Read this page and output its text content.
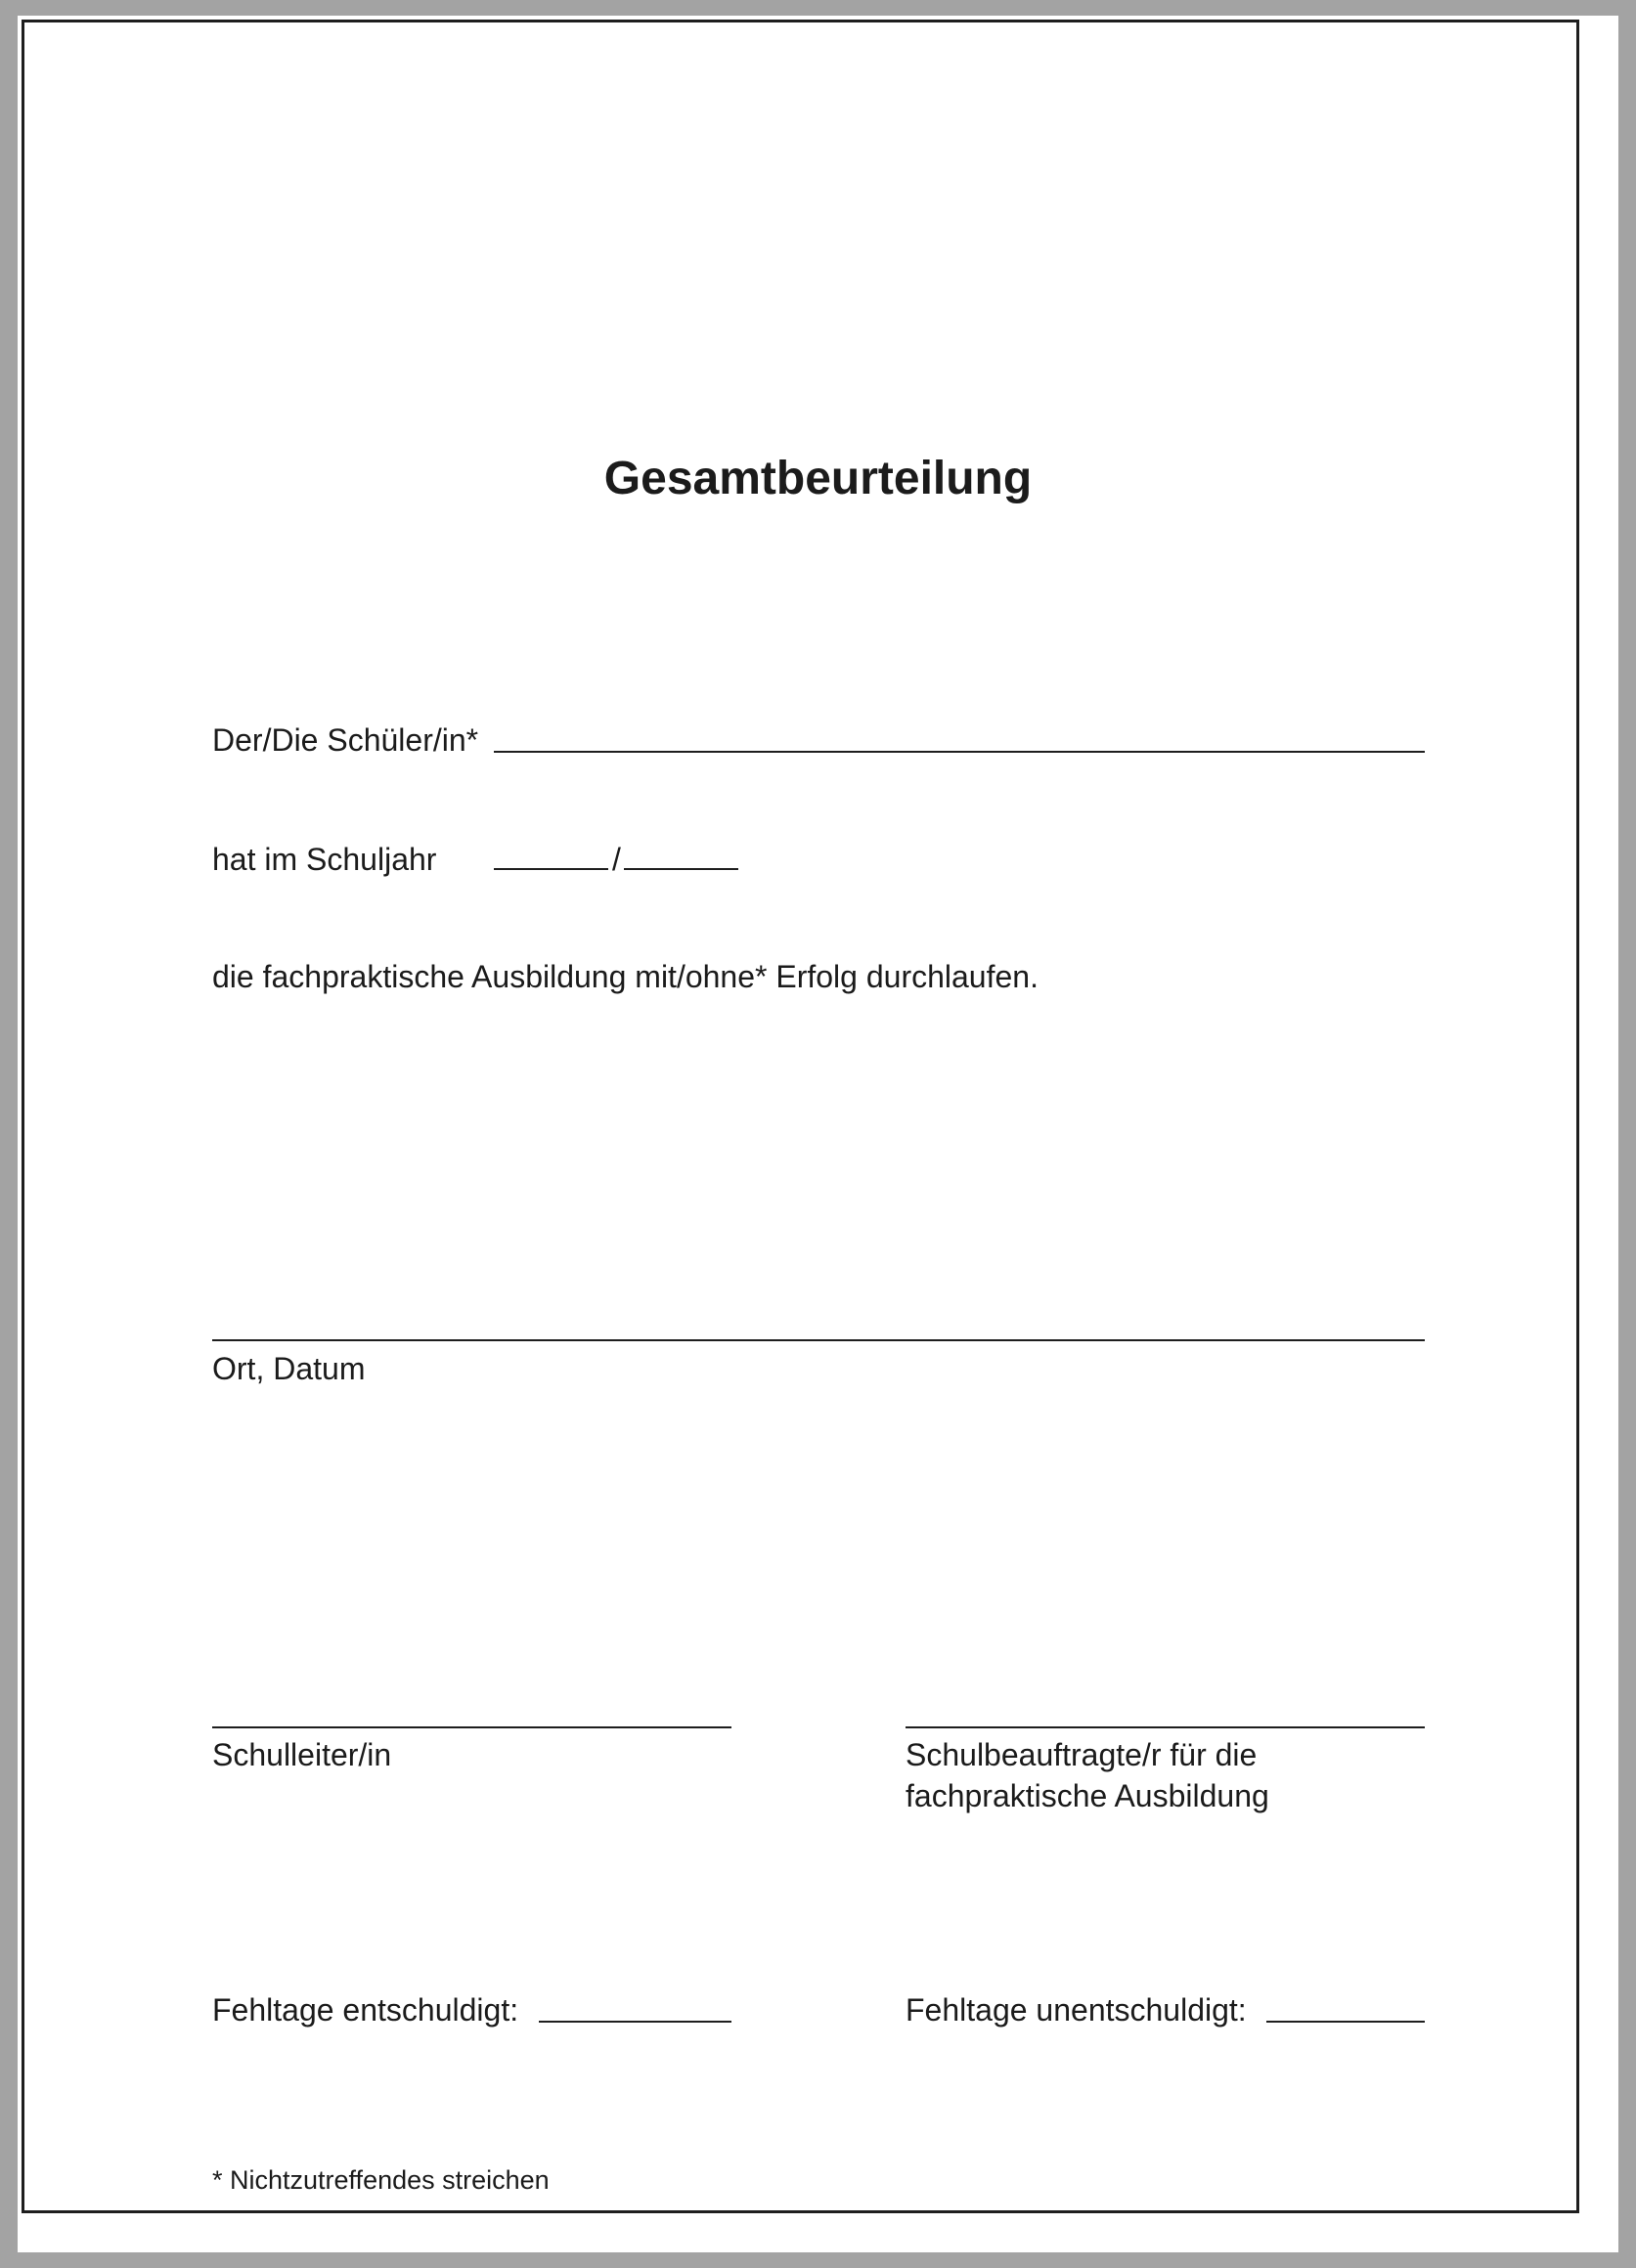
Gesamtbeurteilung
Der/Die Schüler/in*
hat im Schuljahr	/
die fachpraktische Ausbildung mit/ohne* Erfolg durchlaufen.
Ort, Datum
Schulleiter/in	Schulbeauftragte/r für die
fachpraktische Ausbildung
Fehltage entschuldigt:	Fehltage unentschuldigt:
* Nichtzutreffendes streichen
